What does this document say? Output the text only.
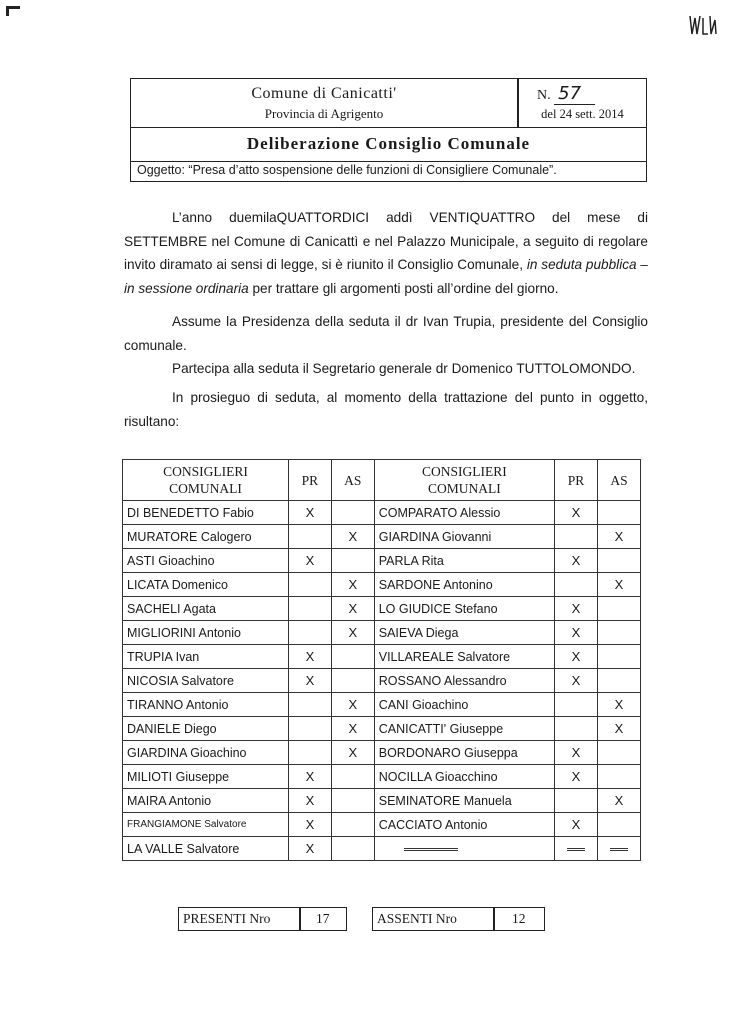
Comune di Canicatti'
Provincia di Agrigento
N. 57
del 24 sett. 2014
Deliberazione Consiglio Comunale
Oggetto: “Presa d’atto sospensione delle funzioni di Consigliere Comunale”.
L’anno duemilaQUATTORDICI addì VENTIQUATTRO del mese di SETTEMBRE nel Comune di Canicattì e nel Palazzo Municipale, a seguito di regolare invito diramato ai sensi di legge, si è riunito il Consiglio Comunale, in seduta pubblica – in sessione ordinaria per trattare gli argomenti posti all’ordine del giorno.
Assume la Presidenza della seduta il dr Ivan Trupia, presidente del Consiglio comunale.
Partecipa alla seduta il Segretario generale dr Domenico TUTTOLOMONDO.
In prosieguo di seduta, al momento della trattazione del punto in oggetto, risultano:
CONSIGLIERI
COMUNALI	PR	AS	CONSIGLIERI
COMUNALI	PR	AS
DI BENEDETTO Fabio	X		COMPARATO Alessio	X	
MURATORE Calogero		X	GIARDINA Giovanni		X
ASTI Gioachino	X		PARLA Rita	X	
LICATA Domenico		X	SARDONE Antonino		X
SACHELI Agata		X	LO GIUDICE Stefano	X	
MIGLIORINI Antonio		X	SAIEVA Diega	X	
TRUPIA Ivan	X		VILLAREALE Salvatore	X	
NICOSIA Salvatore	X		ROSSANO Alessandro	X	
TIRANNO Antonio		X	CANI Gioachino		X
DANIELE Diego		X	CANICATTI' Giuseppe		X
GIARDINA Gioachino		X	BORDONARO Giuseppa	X	
MILIOTI Giuseppe	X		NOCILLA Gioacchino	X	
MAIRA Antonio	X		SEMINATORE Manuela		X
FRANGIAMONE Salvatore	X		CACCIATO Antonio	X	
LA VALLE Salvatore	X				
PRESENTI Nro	17	ASSENTI Nro	12
